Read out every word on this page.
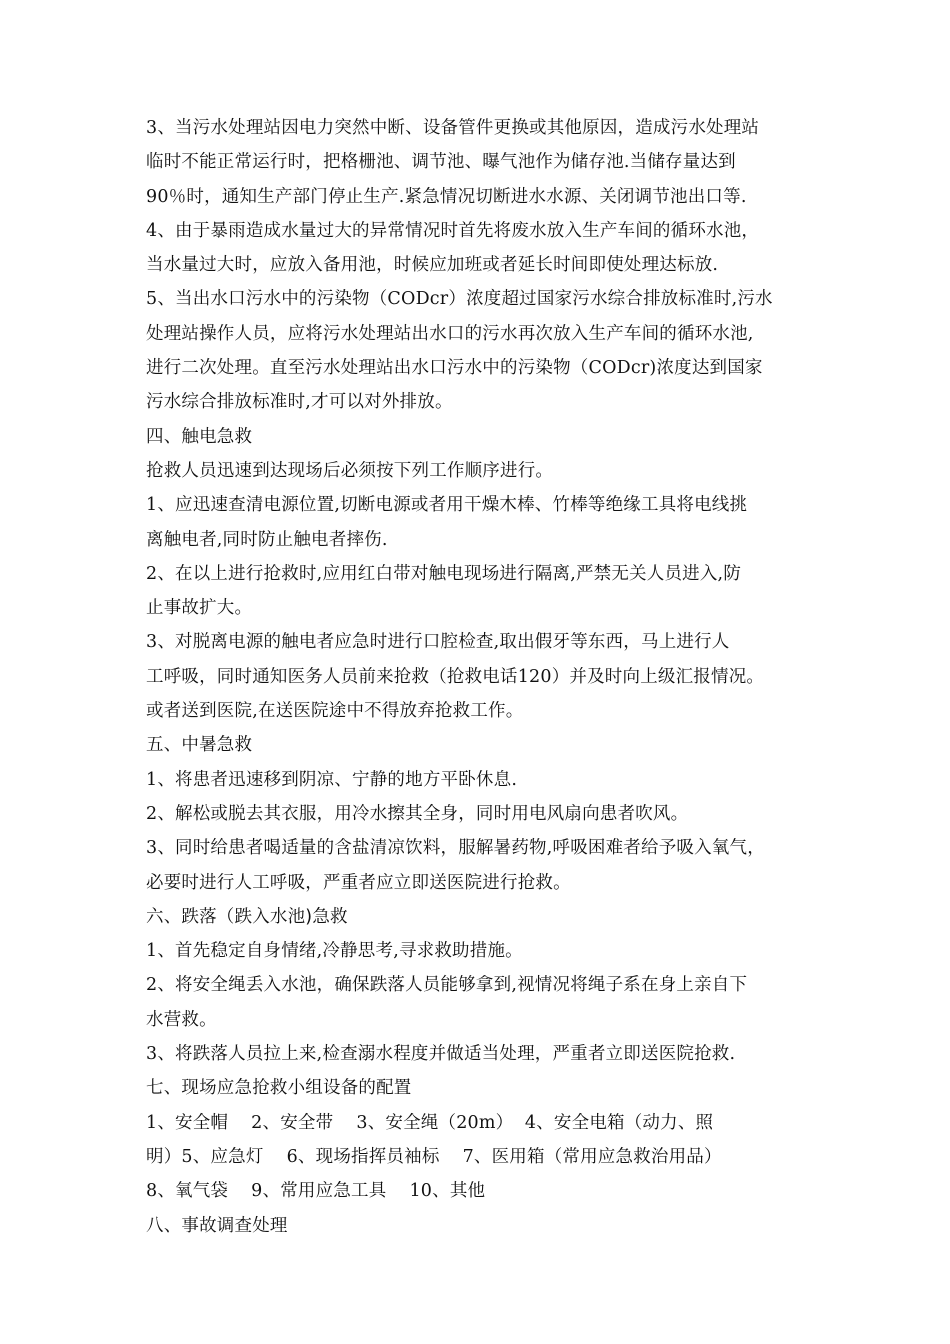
3、当污水处理站因电力突然中断、设备管件更换或其他原因，造成污水处理站
临时不能正常运行时，把格栅池、调节池、曝气池作为储存池.当储存量达到
90％时，通知生产部门停止生产.紧急情况切断进水水源、关闭调节池出口等.
4、由于暴雨造成水量过大的异常情况时首先将废水放入生产车间的循环水池，
当水量过大时，应放入备用池，时候应加班或者延长时间即使处理达标放.
5、当出水口污水中的污染物（CODcr）浓度超过国家污水综合排放标准时,污水
处理站操作人员，应将污水处理站出水口的污水再次放入生产车间的循环水池,
进行二次处理。直至污水处理站出水口污水中的污染物（CODcr)浓度达到国家
污水综合排放标准时,才可以对外排放。
四、触电急救
抢救人员迅速到达现场后必须按下列工作顺序进行。
1、应迅速查清电源位置,切断电源或者用干燥木棒、竹棒等绝缘工具将电线挑
离触电者,同时防止触电者摔伤.
2、在以上进行抢救时,应用红白带对触电现场进行隔离,严禁无关人员进入,防
止事故扩大。
3、对脱离电源的触电者应急时进行口腔检查,取出假牙等东西，马上进行人
工呼吸，同时通知医务人员前来抢救（抢救电话120）并及时向上级汇报情况。
或者送到医院,在送医院途中不得放弃抢救工作。
五、中暑急救
1、将患者迅速移到阴凉、宁静的地方平卧休息.
2、解松或脱去其衣服，用冷水擦其全身，同时用电风扇向患者吹风。
3、同时给患者喝适量的含盐清凉饮料，服解暑药物,呼吸困难者给予吸入氧气，
必要时进行人工呼吸，严重者应立即送医院进行抢救。
六、跌落（跌入水池)急救
1、首先稳定自身情绪,冷静思考,寻求救助措施。
2、将安全绳丢入水池，确保跌落人员能够拿到,视情况将绳子系在身上亲自下
水营救。
3、将跌落人员拉上来,检查溺水程度并做适当处理，严重者立即送医院抢救.
七、现场应急抢救小组设备的配置
1、安全帽    2、安全带    3、安全绳（20m）  4、安全电箱（动力、照
明）5、应急灯    6、现场指挥员袖标    7、医用箱（常用应急救治用品）
8、氧气袋    9、常用应急工具    10、其他
八、事故调查处理
